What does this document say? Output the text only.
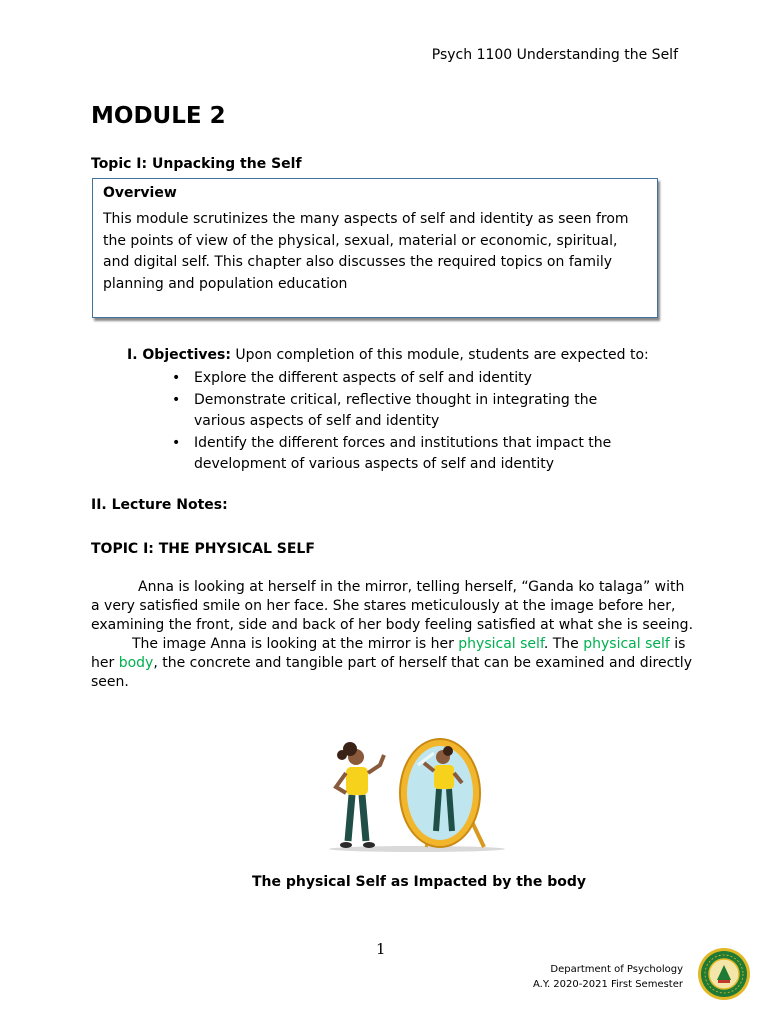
Psych 1100 Understanding the Self
MODULE 2
Topic I: Unpacking the Self
Overview
This module scrutinizes the many aspects of self and identity as seen from the points of view of the physical, sexual, material or economic, spiritual, and digital self. This chapter also discusses the required topics on family planning and population education
I. Objectives: Upon completion of this module, students are expected to:
• Explore the different aspects of self and identity
• Demonstrate critical, reflective thought in integrating the various aspects of self and identity
• Identify the different forces and institutions that impact the development of various aspects of self and identity
II. Lecture Notes:
TOPIC I: THE PHYSICAL SELF
Anna is looking at herself in the mirror, telling herself, “Ganda ko talaga” with a very satisfied smile on her face. She stares meticulously at the image before her, examining the front, side and back of her body feeling satisfied at what she is seeing.
The image Anna is looking at the mirror is her physical self. The physical self is her body, the concrete and tangible part of herself that can be examined and directly seen.
The physical Self as Impacted by the body
1
Department of Psychology
A.Y. 2020-2021 First Semester
